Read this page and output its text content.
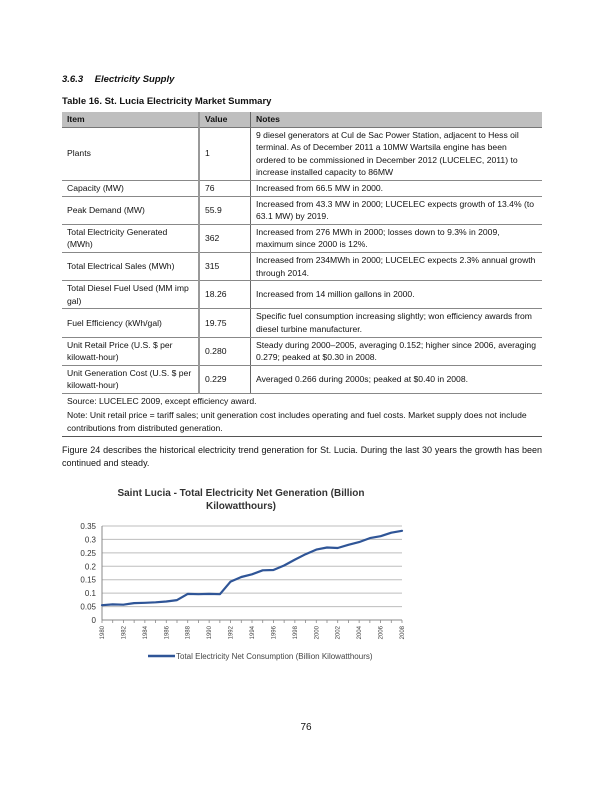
3.6.3 Electricity Supply
Table 16. St. Lucia Electricity Market Summary
Item	Value	Notes
Plants	1	9 diesel generators at Cul de Sac Power Station, adjacent to Hess oil terminal. As of December 2011 a 10MW Wartsila engine has been ordered to be commissioned in December 2012 (LUCELEC, 2011) to increase installed capacity to 86MW
Capacity (MW)	76	Increased from 66.5 MW in 2000.
Peak Demand (MW)	55.9	Increased from 43.3 MW in 2000; LUCELEC expects growth of 13.4% (to 63.1 MW) by 2019.
Total Electricity Generated (MWh)	362	Increased from 276 MWh in 2000; losses down to 9.3% in 2009, maximum since 2000 is 12%.
Total Electrical Sales (MWh)	315	Increased from 234MWh in 2000; LUCELEC expects 2.3% annual growth through 2014.
Total Diesel Fuel Used (MM imp gal)	18.26	Increased from 14 million gallons in 2000.
Fuel Efficiency (kWh/gal)	19.75	Specific fuel consumption increasing slightly; won efficiency awards from diesel turbine manufacturer.
Unit Retail Price (U.S. $ per kilowatt-hour)	0.280	Steady during 2000–2005, averaging 0.152; higher since 2006, averaging 0.279; peaked at $0.30 in 2008.
Unit Generation Cost (U.S. $ per kilowatt-hour)	0.229	Averaged 0.266 during 2000s; peaked at $0.40 in 2008.
Source: LUCELEC 2009, except efficiency award.		
Note: Unit retail price = tariff sales; unit generation cost includes operating and fuel costs. Market supply does not include contributions from distributed generation.		
Figure 24 describes the historical electricity trend generation for St. Lucia. During the last 30 years the growth has been continued and steady.
Saint Lucia - Total Electricity Net Generation (Billion
Kilowatthours)
0
0.05
0.1
0.15
0.2
0.25
0.3
0.35
1980	1982	1984	1986	1988	1990	1992	1994	1996	1998	2000	2002	2004	2006	2008
Total Electricity Net Consumption (Billion Kilowatthours)
76
